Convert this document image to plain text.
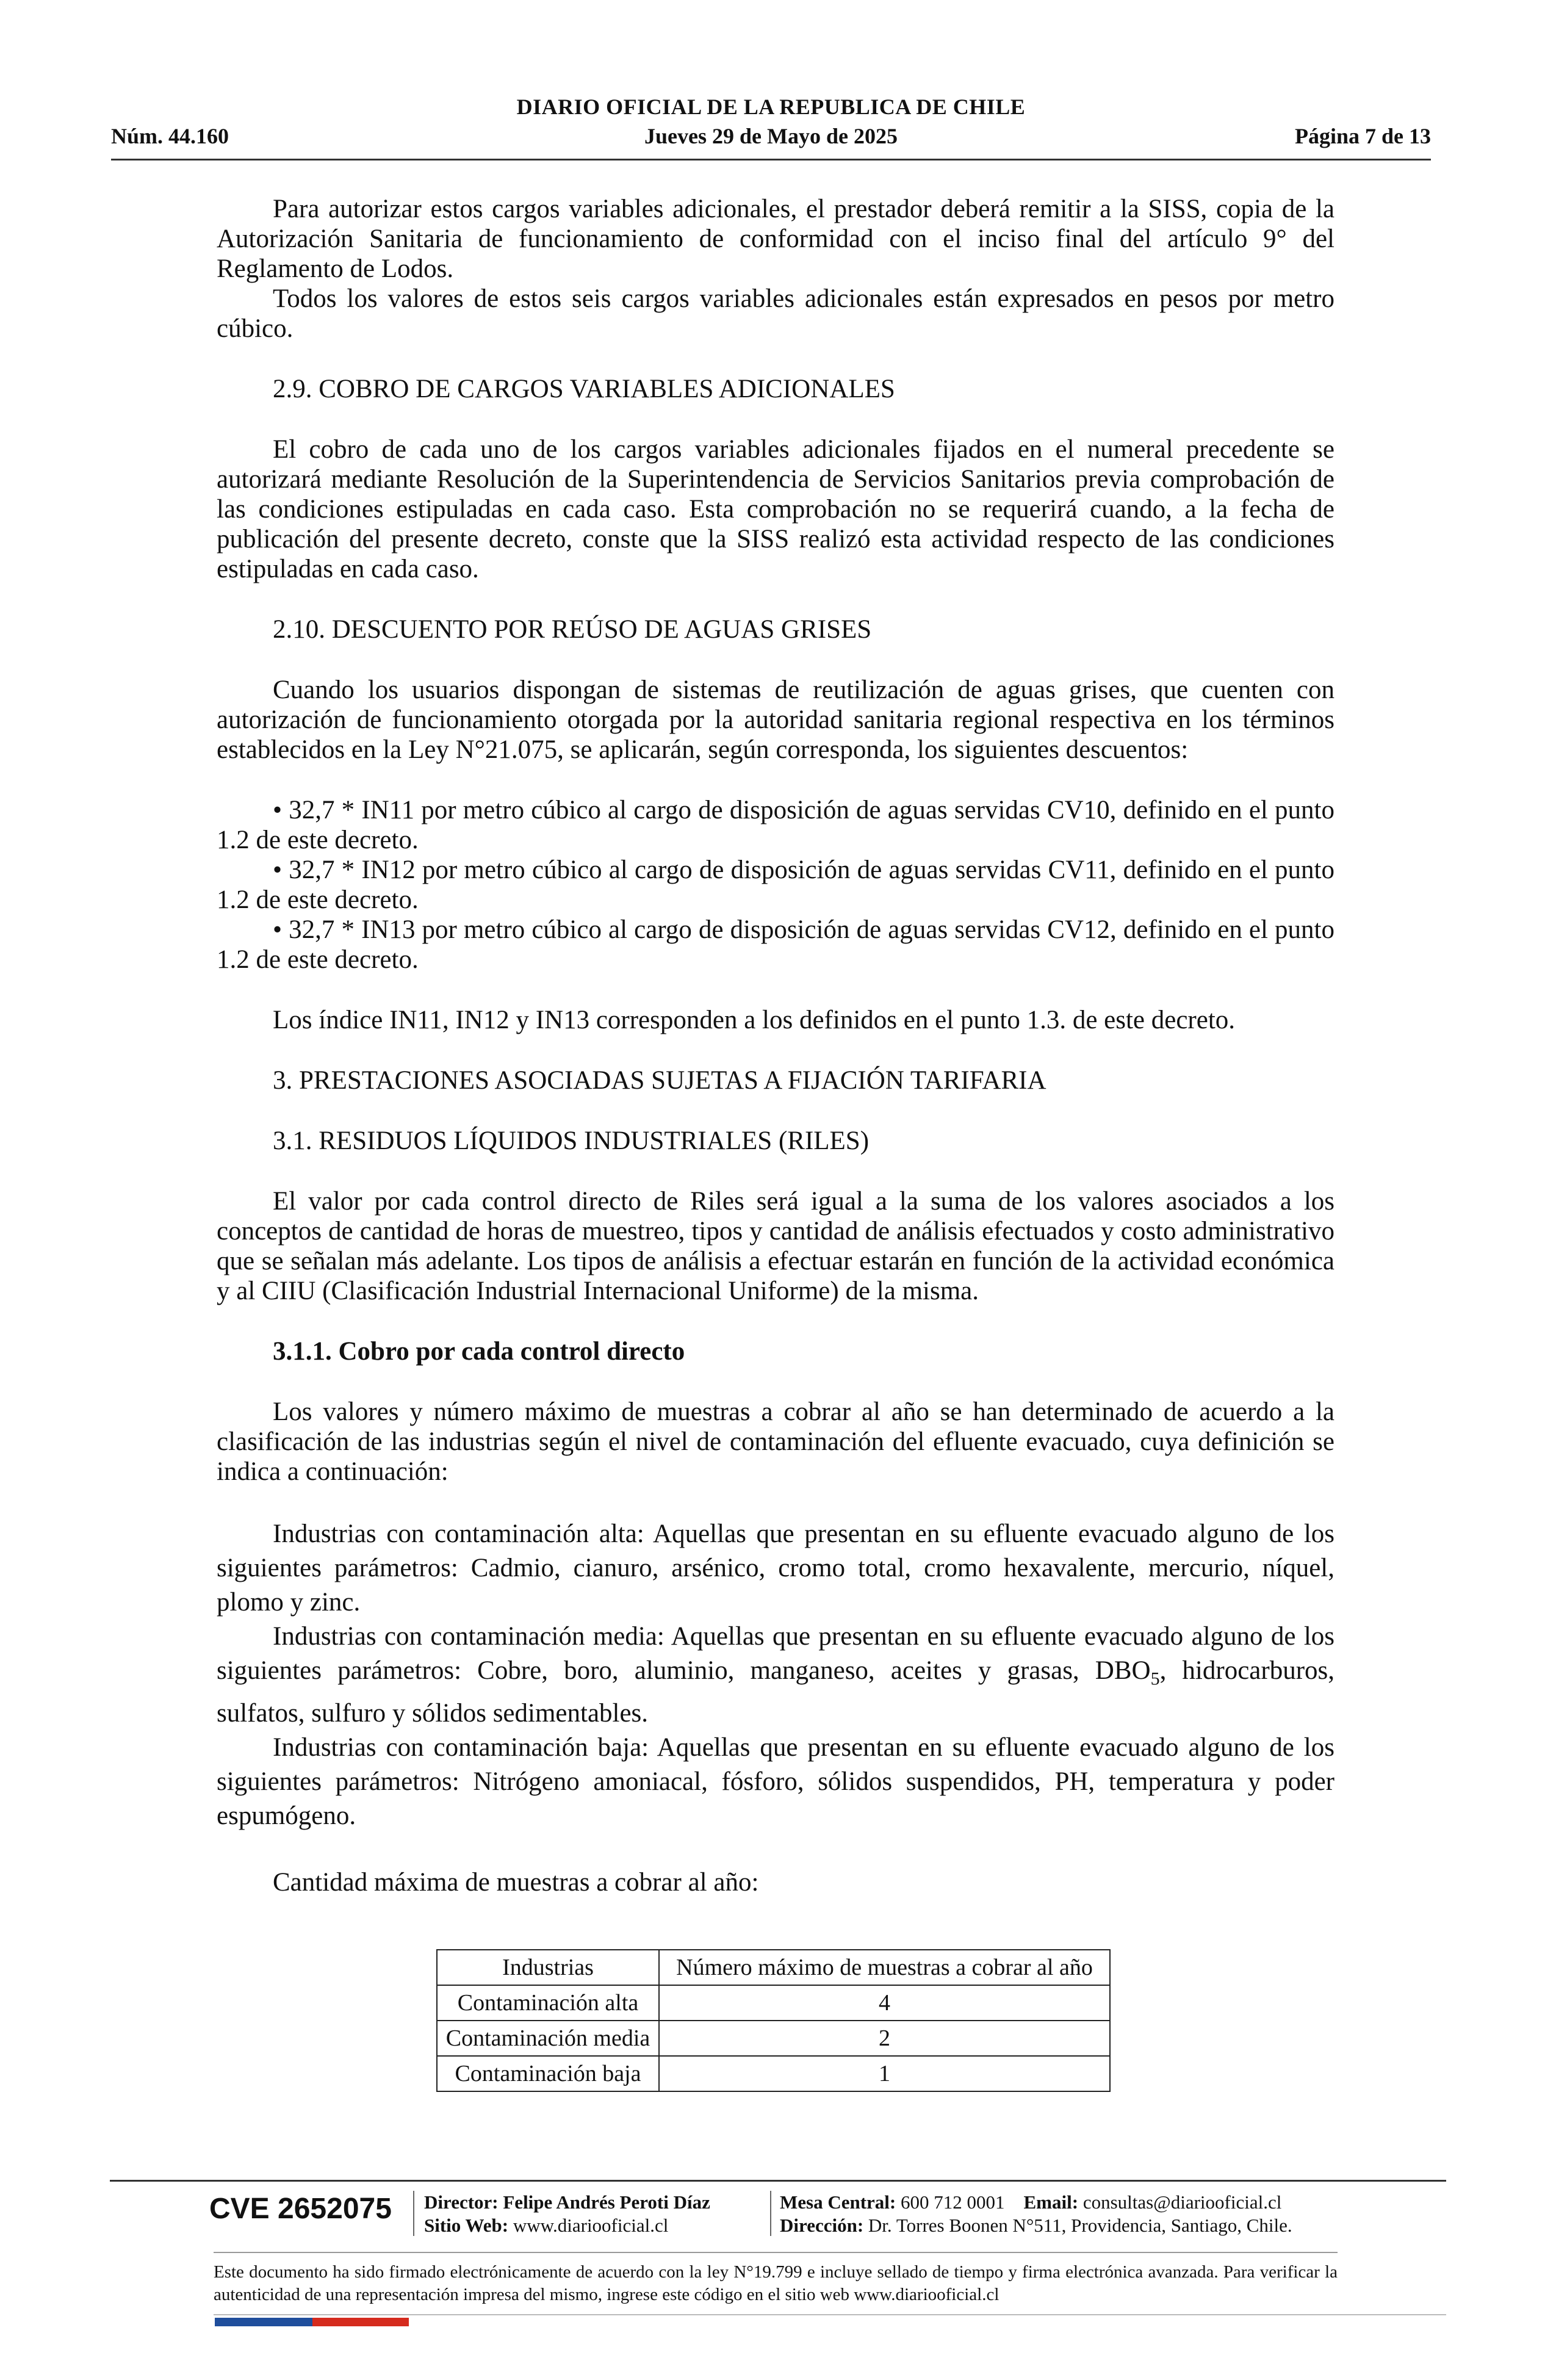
DIARIO OFICIAL DE LA REPUBLICA DE CHILE
Núm. 44.160	Jueves 29 de Mayo de 2025	Página 7 de 13

Para autorizar estos cargos variables adicionales, el prestador deberá remitir a la SISS, copia de la Autorización Sanitaria de funcionamiento de conformidad con el inciso final del artículo 9° del Reglamento de Lodos.

Todos los valores de estos seis cargos variables adicionales están expresados en pesos por metro cúbico.

2.9. COBRO DE CARGOS VARIABLES ADICIONALES

El cobro de cada uno de los cargos variables adicionales fijados en el numeral precedente se autorizará mediante Resolución de la Superintendencia de Servicios Sanitarios previa comprobación de las condiciones estipuladas en cada caso. Esta comprobación no se requerirá cuando, a la fecha de publicación del presente decreto, conste que la SISS realizó esta actividad respecto de las condiciones estipuladas en cada caso.

2.10. DESCUENTO POR REÚSO DE AGUAS GRISES

Cuando los usuarios dispongan de sistemas de reutilización de aguas grises, que cuenten con autorización de funcionamiento otorgada por la autoridad sanitaria regional respectiva en los términos establecidos en la Ley N°21.075, se aplicarán, según corresponda, los siguientes descuentos:

• 32,7 * IN11 por metro cúbico al cargo de disposición de aguas servidas CV10, definido en el punto 1.2 de este decreto.

• 32,7 * IN12 por metro cúbico al cargo de disposición de aguas servidas CV11, definido en el punto 1.2 de este decreto.

• 32,7 * IN13 por metro cúbico al cargo de disposición de aguas servidas CV12, definido en el punto 1.2 de este decreto.

Los índice IN11, IN12 y IN13 corresponden a los definidos en el punto 1.3. de este decreto.

3. PRESTACIONES ASOCIADAS SUJETAS A FIJACIÓN TARIFARIA

3.1. RESIDUOS LÍQUIDOS INDUSTRIALES (RILES)

El valor por cada control directo de Riles será igual a la suma de los valores asociados a los conceptos de cantidad de horas de muestreo, tipos y cantidad de análisis efectuados y costo administrativo que se señalan más adelante. Los tipos de análisis a efectuar estarán en función de la actividad económica y al CIIU (Clasificación Industrial Internacional Uniforme) de la misma.

3.1.1. Cobro por cada control directo

Los valores y número máximo de muestras a cobrar al año se han determinado de acuerdo a la clasificación de las industrias según el nivel de contaminación del efluente evacuado, cuya definición se indica a continuación:

Industrias con contaminación alta: Aquellas que presentan en su efluente evacuado alguno de los siguientes parámetros: Cadmio, cianuro, arsénico, cromo total, cromo hexavalente, mercurio, níquel, plomo y zinc.

Industrias con contaminación media: Aquellas que presentan en su efluente evacuado alguno de los siguientes parámetros: Cobre, boro, aluminio, manganeso, aceites y grasas, $DBO_5$, hidrocarburos, sulfatos, sulfuro y sólidos sedimentables.

Industrias con contaminación baja: Aquellas que presentan en su efluente evacuado alguno de los siguientes parámetros: Nitrógeno amoniacal, fósforo, sólidos suspendidos, PH, temperatura y poder espumógeno.

Cantidad máxima de muestras a cobrar al año:

Industrias	Número máximo de muestras a cobrar al año
Contaminación alta	4
Contaminación media	2
Contaminación baja	1
CVE 2652075 Director: Felipe Andrés Peroti Díaz
Sitio Web: www.diariooficial.cl
Mesa Central: 600 712 0001 Email: consultas@diariooficial.cl
Dirección: Dr. Torres Boonen N°511, Providencia, Santiago, Chile.
Este documento ha sido firmado electrónicamente de acuerdo con la ley N°19.799 e incluye sellado de tiempo y firma electrónica avanzada. Para verificar la autenticidad de una representación impresa del mismo, ingrese este código en el sitio web www.diariooficial.cl
